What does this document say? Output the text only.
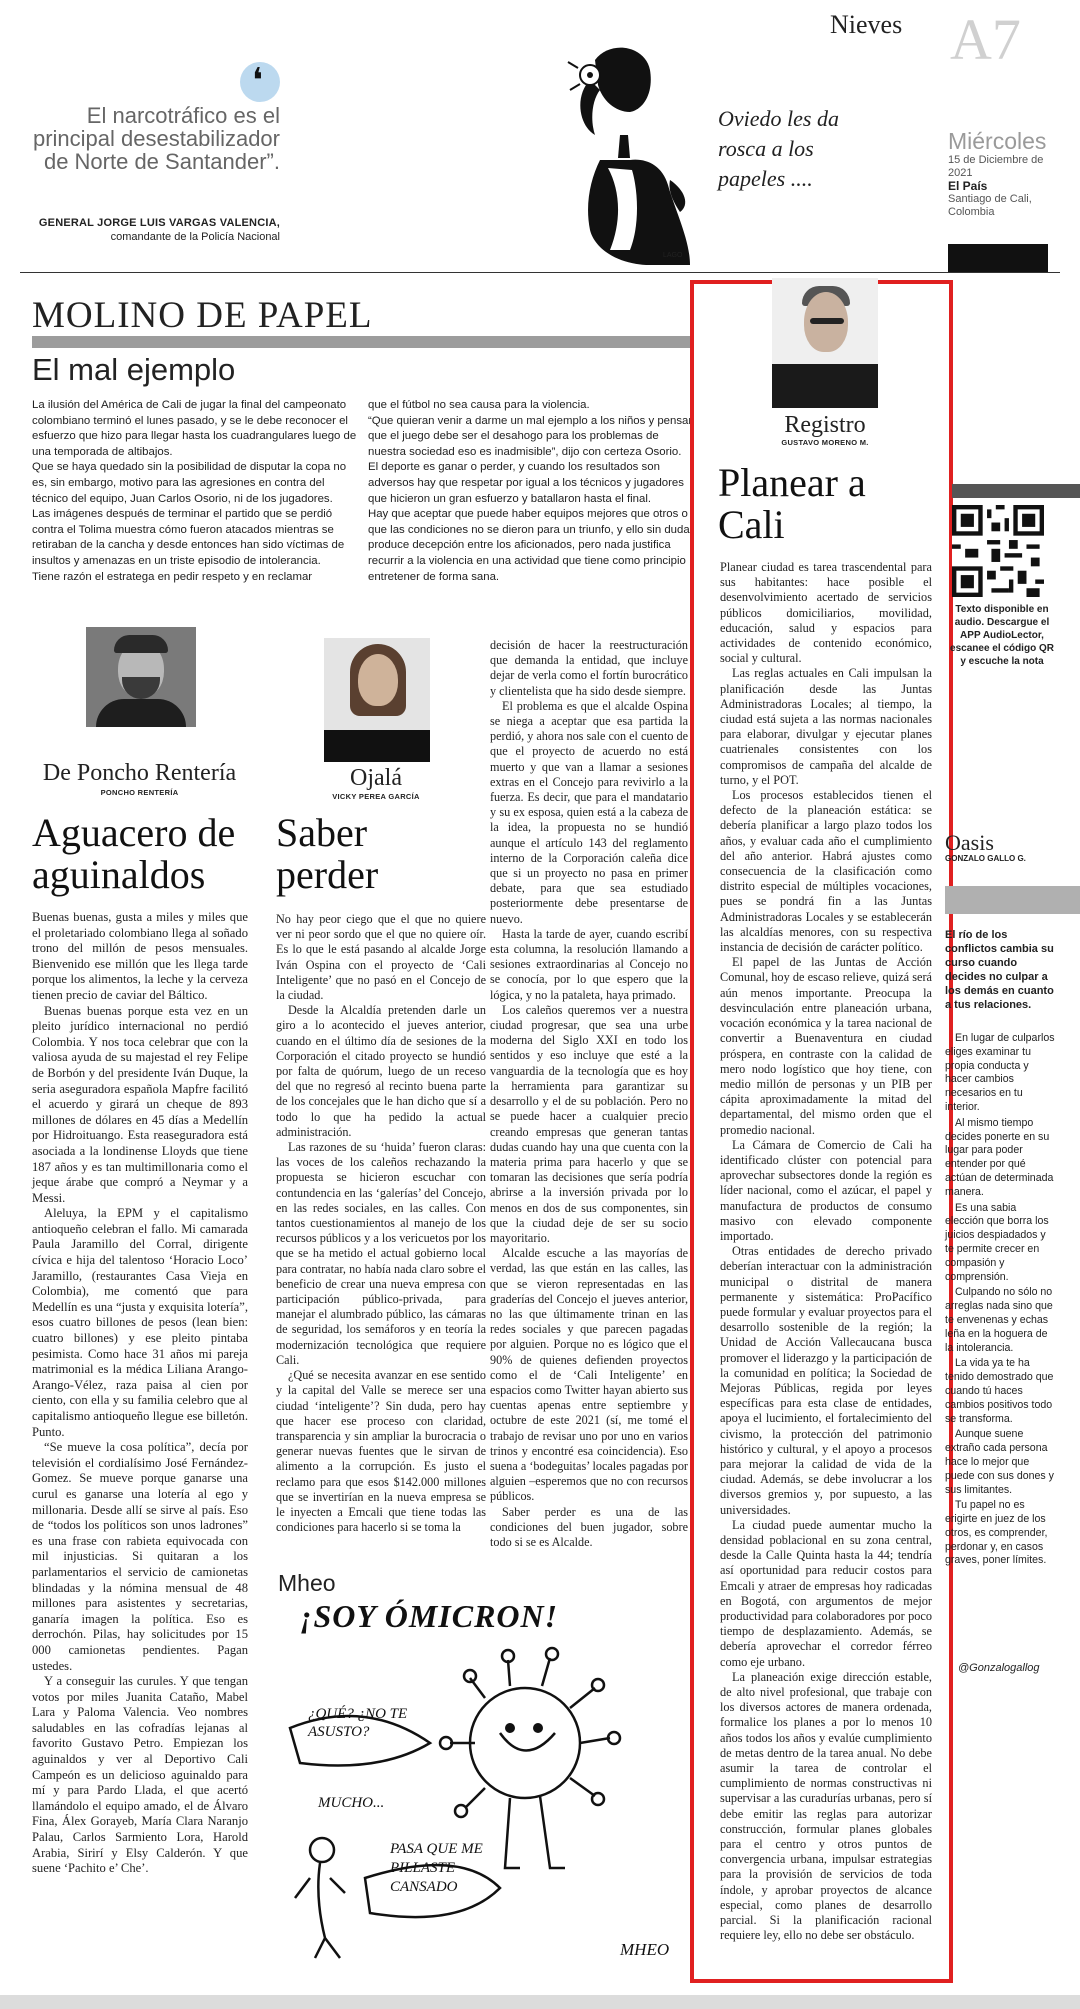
❛
El narcotráfico es el principal desestabilizador de Norte de Santander”.
GENERAL JORGE LUIS VARGAS VALENCIA,
comandante de la Policía Nacional
Oviedo les da rosca a los papeles ....
LAGO
Nieves A7
Miércoles
15 de Diciembre de 2021
El País
Santiago de Cali, Colombia
MOLINO DE PAPEL
El mal ejemplo
La ilusión del América de Cali de jugar la final del campeonato colombiano terminó el lunes pasado, y se le debe reconocer el esfuerzo que hizo para llegar hasta los cuadrangulares luego de una temporada de altibajos.
Que se haya quedado sin la posibilidad de disputar la copa no es, sin embargo, motivo para las agresiones en contra del técnico del equipo, Juan Carlos Osorio, ni de los jugadores.
Las imágenes después de terminar el partido que se perdió contra el Tolima muestra cómo fueron atacados mientras se retiraban de la cancha y desde entonces han sido víctimas de insultos y amenazas en un triste episodio de intolerancia.
Tiene razón el estratega en pedir respeto y en reclamar
que el fútbol no sea causa para la violencia.
“Que quieran venir a darme un mal ejemplo a los niños y pensar que el juego debe ser el desahogo para los problemas de nuestra sociedad eso es inadmisible”, dijo con certeza Osorio.
El deporte es ganar o perder, y cuando los resultados son adversos hay que respetar por igual a los técnicos y jugadores que hicieron un gran esfuerzo y batallaron hasta el final.
Hay que aceptar que puede haber equipos mejores que otros o que las condiciones no se dieron para un triunfo, y ello sin duda produce decepción entre los aficionados, pero nada justifica recurrir a la violencia en una actividad que tiene como principio entretener de forma sana.
De Poncho Rentería
PONCHO RENTERÍA
Aguacero de aguinaldos

Buenas buenas, gusta a miles y miles que el proletariado colombiano llega al soñado trono del millón de pesos mensuales. Bienvenido ese millón que les llega tarde porque los alimentos, la leche y la cerveza tienen precio de caviar del Báltico.

Buenas buenas porque esta vez en un pleito jurídico internacional no perdió Colombia. Y nos toca celebrar que con la valiosa ayuda de su majestad el rey Felipe de Borbón y del presidente Iván Duque, la seria aseguradora española Mapfre facilitó el acuerdo y girará un cheque de 893 millones de dólares en 45 días a Medellín por Hidroituango. Esta reaseguradora está asociada a la londinense Lloyds que tiene 187 años y es tan multimillonaria como el jeque árabe que compró a Neymar y a Messi.

Aleluya, la EPM y el capitalismo antioqueño celebran el fallo. Mi camarada Paula Jaramillo del Corral, dirigente cívica e hija del talentoso ‘Horacio Loco’ Jaramillo, (restaurantes Casa Vieja en Colombia), me comentó que para Medellín es una “justa y exquisita lotería”, esos cuatro billones de pesos (lean bien: cuatro billones) y ese pleito pintaba pesimista. Como hace 31 años mi pareja matrimonial es la médica Liliana Arango-Arango-Vélez, raza paisa al cien por ciento, con ella y su familia celebro que al capitalismo antioqueño llegue ese billetón. Punto.

“Se mueve la cosa política”, decía por televisión el cordialísimo José Fernández-Gomez. Se mueve porque ganarse una curul es ganarse una lotería al ego y millonaria. Desde allí se sirve al país. Eso de “todos los políticos son unos ladrones” es una frase con rabieta equivocada con mil injusticias. Si quitaran a los parlamentarios el servicio de camionetas blindadas y la nómina mensual de 48 millones para asistentes y secretarias, ganaría imagen la política. Eso es derrochón. Pilas, hay solicitudes por 15 000 camionetas pendientes. Pagan ustedes.

Y a conseguir las curules. Y que tengan votos por miles Juanita Cataño, Mabel Lara y Paloma Valencia. Veo nombres saludables en las cofradías lejanas al favorito Gustavo Petro. Empiezan los aguinaldos y ver al Deportivo Cali Campeón es un delicioso aguinaldo para mí y para Pardo Llada, el que acertó llamándolo el equipo amado, el de Álvaro Fina, Álex Gorayeb, María Clara Naranjo Palau, Carlos Sarmiento Lora, Harold Arabia, Sirirí y Elsy Calderón. Y que suene ‘Pachito e’ Che’.

Ojalá
VICKY PEREA GARCÍA
Saber perder

No hay peor ciego que el que no quiere ver ni peor sordo que el que no quiere oír. Es lo que le está pasando al alcalde Jorge Iván Ospina con el proyecto de ‘Cali Inteligente’ que no pasó en el Concejo de la ciudad.

Desde la Alcaldía pretenden darle un giro a lo acontecido el jueves anterior, cuando en el último día de sesiones de la Corporación el citado proyecto se hundió por falta de quórum, luego de un receso del que no regresó al recinto buena parte de los concejales que le han dicho que sí a todo lo que ha pedido la actual administración.

Las razones de su ‘huida’ fueron claras: las voces de los caleños rechazando la propuesta se hicieron escuchar con contundencia en las ‘galerías’ del Concejo, en las redes sociales, en las calles. Con tantos cuestionamientos al manejo de los recursos públicos y a los vericuetos por los que se ha metido el actual gobierno local para contratar, no había nada claro sobre el beneficio de crear una nueva empresa con participación público-privada, para manejar el alumbrado público, las cámaras de seguridad, los semáforos y en teoría la modernización tecnológica que requiere Cali.

¿Qué se necesita avanzar en ese sentido y la capital del Valle se merece ser una ciudad ‘inteligente’? Sin duda, pero hay que hacer ese proceso con claridad, transparencia y sin ampliar la burocracia o generar nuevas fuentes que le sirvan de alimento a la corrupción. Es justo el reclamo para que esos $142.000 millones que se invertirían en la nueva empresa se le inyecten a Emcali que tiene todas las condiciones para hacerlo si se toma la

decisión de hacer la reestructuración que demanda la entidad, que incluye dejar de verla como el fortín burocrático y clientelista que ha sido desde siempre.

El problema es que el alcalde Ospina se niega a aceptar que esa partida la perdió, y ahora nos sale con el cuento de que el proyecto de acuerdo no está muerto y que van a llamar a sesiones extras en el Concejo para revivirlo a la fuerza. Es decir, que para el mandatario y su ex esposa, quien está a la cabeza de la idea, la propuesta no se hundió aunque el artículo 143 del reglamento interno de la Corporación caleña dice que si un proyecto no pasa en primer debate, para que sea estudiado posteriormente debe presentarse de nuevo.

Hasta la tarde de ayer, cuando escribí esta columna, la resolución llamando a sesiones extraordinarias al Concejo no se conocía, por lo que espero que la lógica, y no la pataleta, haya primado.

Los caleños queremos ver a nuestra ciudad progresar, que sea una urbe moderna del Siglo XXI en todo los sentidos y eso incluye que esté a la vanguardia de la tecnología que es hoy la herramienta para garantizar su desarrollo y el de su población. Pero no se puede hacer a cualquier precio creando empresas que generan tantas dudas cuando hay una que cuenta con la materia prima para hacerlo y que se tomaran las decisiones que sería podría abrirse a la inversión privada por lo menos en dos de sus componentes, sin que la ciudad deje de ser su socio mayoritario.

Alcalde escuche a las mayorías de verdad, las que están en las calles, las que se vieron representadas en las graderías del Concejo el jueves anterior, no las que últimamente trinan en las redes sociales y que parecen pagadas por alguien. Porque no es lógico que el 90% de quienes defienden proyectos como el de ‘Cali Inteligente’ en espacios como Twitter hayan abierto sus cuentas apenas entre septiembre y octubre de este 2021 (sí, me tomé el trabajo de revisar uno por uno en varios trinos y encontré esa coincidencia). Eso suena a ‘bodeguitas’ locales pagadas por alguien –esperemos que no con recursos públicos.

Saber perder es una de las condiciones del buen jugador, sobre todo si se es Alcalde.

Mheo
¡SOY ÓMICRON!
¿QUÉ? ¿NO TE ASUSTO?
MUCHO...
PASA QUE ME PILLASTE CANSADO
MHEO
Registro
GUSTAVO MORENO M.
Planear a Cali

Planear ciudad es tarea trascendental para sus habitantes: hace posible el desenvolvimiento acertado de servicios públicos domiciliarios, movilidad, educación, salud y espacios para actividades de contenido económico, social y cultural.

Las reglas actuales en Cali impulsan la planificación desde las Juntas Administradoras Locales; al tiempo, la ciudad está sujeta a las normas nacionales para elaborar, divulgar y ejecutar planes cuatrienales consistentes con los compromisos de campaña del alcalde de turno, y el POT.

Los procesos establecidos tienen el defecto de la planeación estática: se debería planificar a largo plazo todos los años, y evaluar cada año el cumplimiento del año anterior. Habrá ajustes como consecuencia de la clasificación como distrito especial de múltiples vocaciones, pues se pondrá fin a las Juntas Administradoras Locales y se establecerán las alcaldías menores, con su respectiva instancia de decisión de carácter político.

El papel de las Juntas de Acción Comunal, hoy de escaso relieve, quizá será aún menos importante. Preocupa la desvinculación entre planeación urbana, vocación económica y la tarea nacional de convertir a Buenaventura en ciudad próspera, en contraste con la calidad de mero nodo logístico que hoy tiene, con medio millón de personas y un PIB per cápita aproximadamente la mitad del departamental, del mismo orden que el promedio nacional.

La Cámara de Comercio de Cali ha identificado clúster con potencial para aprovechar subsectores donde la región es líder nacional, como el azúcar, el papel y manufactura de productos de consumo masivo con elevado componente importado.

Otras entidades de derecho privado deberían interactuar con la administración municipal o distrital de manera permanente y sistemática: ProPacífico puede formular y evaluar proyectos para el desarrollo sostenible de la región; la Unidad de Acción Vallecaucana busca promover el liderazgo y la participación de la comunidad en política; la Sociedad de Mejoras Públicas, regida por leyes específicas para esta clase de entidades, apoya el lucimiento, el fortalecimiento del civismo, la protección del patrimonio histórico y cultural, y el apoyo a procesos para mejorar la calidad de vida de la ciudad. Además, se debe involucrar a los diversos gremios y, por supuesto, a las universidades.

La ciudad puede aumentar mucho la densidad poblacional en su zona central, desde la Calle Quinta hasta la 44; tendría así oportunidad para reducir costos para Emcali y atraer de empresas hoy radicadas en Bogotá, con argumentos de mejor productividad para colaboradores por poco tiempo de desplazamiento. Además, se debería aprovechar el corredor férreo como eje urbano.

La planeación exige dirección estable, de alto nivel profesional, que trabaje con los diversos actores de manera ordenada, formalice los planes a por lo menos 10 años todos los años y evalúe cumplimiento de metas dentro de la tarea anual. No debe asumir la tarea de controlar el cumplimiento de normas constructivas ni supervisar a las curadurías urbanas, pero sí debe emitir las reglas para autorizar construcción, formular planes globales para el centro y otros puntos de convergencia urbana, impulsar estrategias para la provisión de servicios de toda índole, y aprobar proyectos de alcance especial, como planes de desarrollo parcial. Si la planificación racional requiere ley, ello no debe ser obstáculo.

Texto disponible en audio. Descargue el APP AudioLector, escanee el código QR y escuche la nota
Oasis
GONZALO GALLO G.
El río de los conflictos cambia su curso cuando decides no culpar a los demás en cuanto a tus relaciones.

En lugar de culparlos eliges examinar tu propia conducta y hacer cambios necesarios en tu interior.

Al mismo tiempo decides ponerte en su lugar para poder entender por qué actúan de determinada manera.

Es una sabia elección que borra los juicios despiadados y te permite crecer en compasión y comprensión.

Culpando no sólo no arreglas nada sino que te envenenas y echas leña en la hoguera de la intolerancia.

La vida ya te ha tenido demostrado que cuando tú haces cambios positivos todo se transforma.

Aunque suene extraño cada persona hace lo mejor que puede con sus dones y sus limitantes.

Tu papel no es erigirte en juez de los otros, es comprender, perdonar y, en casos graves, poner límites.

@Gonzalogallog
